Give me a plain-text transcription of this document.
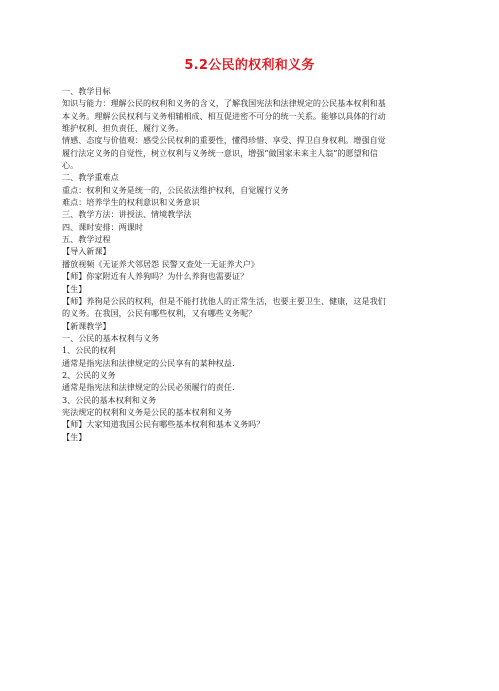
5.2公民的权利和义务
一、教学目标
知识与能力：理解公民的权利和义务的含义，了解我国宪法和法律规定的公民基本权利和基
本义务。理解公民权利与义务相辅相成、相互促进密不可分的统一关系。能够以具体的行动
维护权利、担负责任、履行义务。
情感、态度与价值观：感受公民权利的重要性，懂得珍惜、享受、捍卫自身权利。增强自觉
履行法定义务的自觉性，树立权利与义务统一意识，增强“做国家未来主人翁”的愿望和信
心。
二、教学重难点
重点：权利和义务是统一的，公民依法维护权利，自觉履行义务
难点：培养学生的权利意识和义务意识
三、教学方法：讲授法、情境教学法
四、课时安排：两课时
五、教学过程
【导入新课】
播放视频《无证养犬邻居怨 民警又查处一无证养犬户》
【师】你家附近有人养狗吗？为什么养狗也需要证？
【生】
【师】养狗是公民的权利，但是不能打扰他人的正常生活，也要主要卫生、健康，这是我们
的义务。在我国，公民有哪些权利，又有哪些义务呢？
【新课教学】
一、公民的基本权利与义务
1、公民的权利
通常是指宪法和法律规定的公民享有的某种权益．
2、公民的义务
通常是指宪法和法律规定的公民必须履行的责任．
3、公民的基本权利和义务
宪法规定的权利和义务是公民的基本权利和义务
【师】大家知道我国公民有哪些基本权利和基本义务吗？
【生】
